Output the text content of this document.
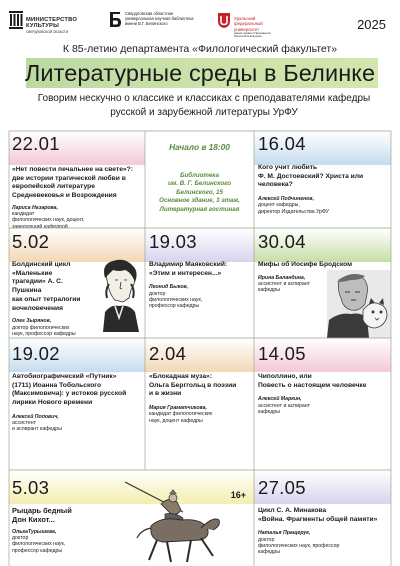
МИНИСТЕРСТВО
КУЛЬТУРЫ

СВЕРДЛОВСКОЙ ОБЛАСТИ

Свердловская областная
универсальная научная библиотека
имени В.Г. Белинского

Уральский
федеральный
университет

имени первого Президента
России Б.Н.Ельцина

2025
К 85-летию департамента «Филологический факультет»
Литературные среды в Белинке
Говорим нескучно о классике и классиках с преподавателями кафедры русской и зарубежной литературы УрФУ
22.01
«Нет повести печальнее на свете»?:
две истории трагической любви в
европейской литературе
Средневековья и Возрождения
Лариса Назарова,
кандидат
филологических наук, доцент,
заведующий кафедрой
Начало в 18:00
Библиотека
им. В. Г. Белинского
Белинского, 15
Основное здание, 3 этаж,
Литературная гостиная
16.04
Кого учит любить
Ф. М. Достоевский? Христа или
человека?
Алексей Подчиненов,
доцент кафедры,
директор Издательства УрФУ
5.02
Болдинский цикл «Маленькие
трагедии» А. С. Пушкина
как опыт тетралогии
вочеловечения
Олег Зырянов,
доктор филологических
наук, профессор кафедры
19.03
Владимир Маяковский:
«Этим и интересен...»
Леонид Быков,
доктор
филологических наук,
профессор кафедры
30.04
Мифы об Иосифе Бродском
Ирина Баландина,
ассистент и аспирант
кафедры
19.02
Автобиографический «Путник»
(1711) Иоанна Тобольского
(Максимовича): у истоков русской
лирики Нового времени
Алексей Попович,
ассистент
и аспирант кафедры
2.04
«Блокадная муза»:
Ольга Берггольц в поэзии
и в жизни
Мария Граматчикова,
кандидат филологических
наук, доцент кафедры
14.05
Чиполлино, или
Повесть о настоящем человечке
Алексей Маркин,
ассистент и аспирант
кафедры
5.03
Рыцарь бедный
Дон Кихот...
ОльгаТурышева,
доктор
филологических наук,
профессор кафедры
16+ 27.05
Цикл С. А. Минакова
«Война. Фрагменты общей памяти»
Наталья Пращерук,
доктор
филологических наук, профессор
кафедры
